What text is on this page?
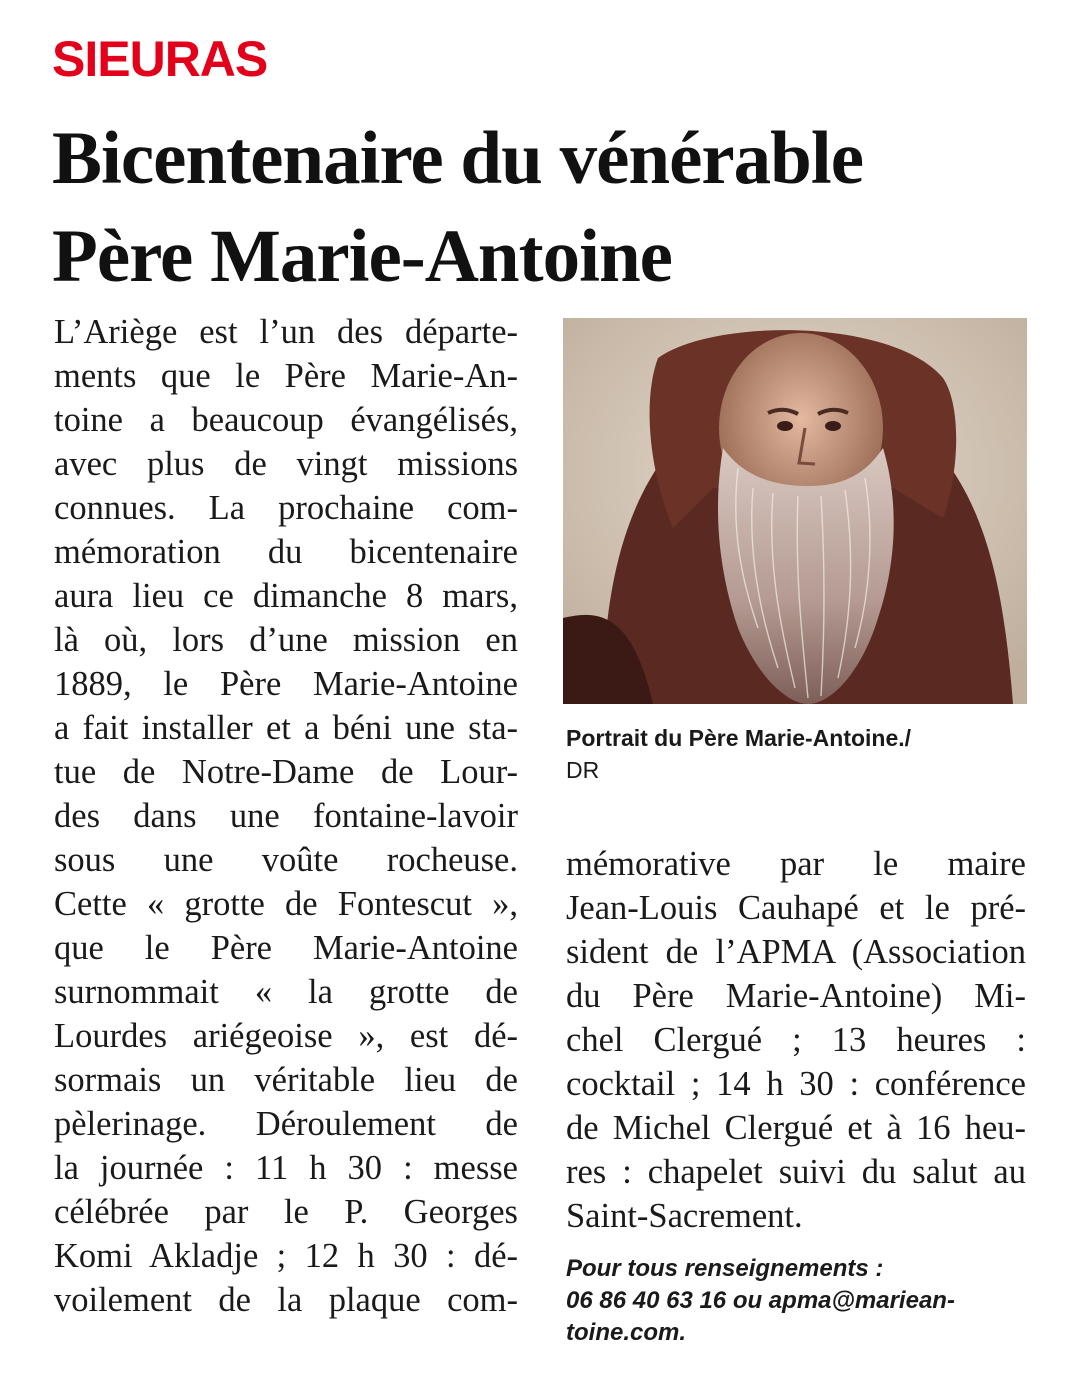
SIEURAS
Bicentenaire du vénérable
Père Marie-Antoine
L’Ariège est l’un des départe-
ments que le Père Marie-An-
toine a beaucoup évangélisés,
avec plus de vingt missions
connues. La prochaine com-
mémoration du bicentenaire
aura lieu ce dimanche 8 mars,
là où, lors d’une mission en
1889, le Père Marie-Antoine
a fait installer et a béni une sta-
tue de Notre-Dame de Lour-
des dans une fontaine-lavoir
sous une voûte rocheuse.
Cette « grotte de Fontescut »,
que le Père Marie-Antoine
surnommait « la grotte de
Lourdes ariégeoise », est dé-
sormais un véritable lieu de
pèlerinage. Déroulement de
la journée : 11 h 30 : messe
célébrée par le P. Georges
Komi Akladje ; 12 h 30 : dé-
voilement de la plaque com-
Portrait du Père Marie-Antoine./
DR
mémorative par le maire
Jean-Louis Cauhapé et le pré-
sident de l’APMA (Association
du Père Marie-Antoine) Mi-
chel Clergué ; 13 heures :
cocktail ; 14 h 30 : conférence
de Michel Clergué et à 16 heu-
res : chapelet suivi du salut au
Saint-Sacrement.
Pour tous renseignements :
06 86 40 63 16 ou apma@mariean-
toine.com.
